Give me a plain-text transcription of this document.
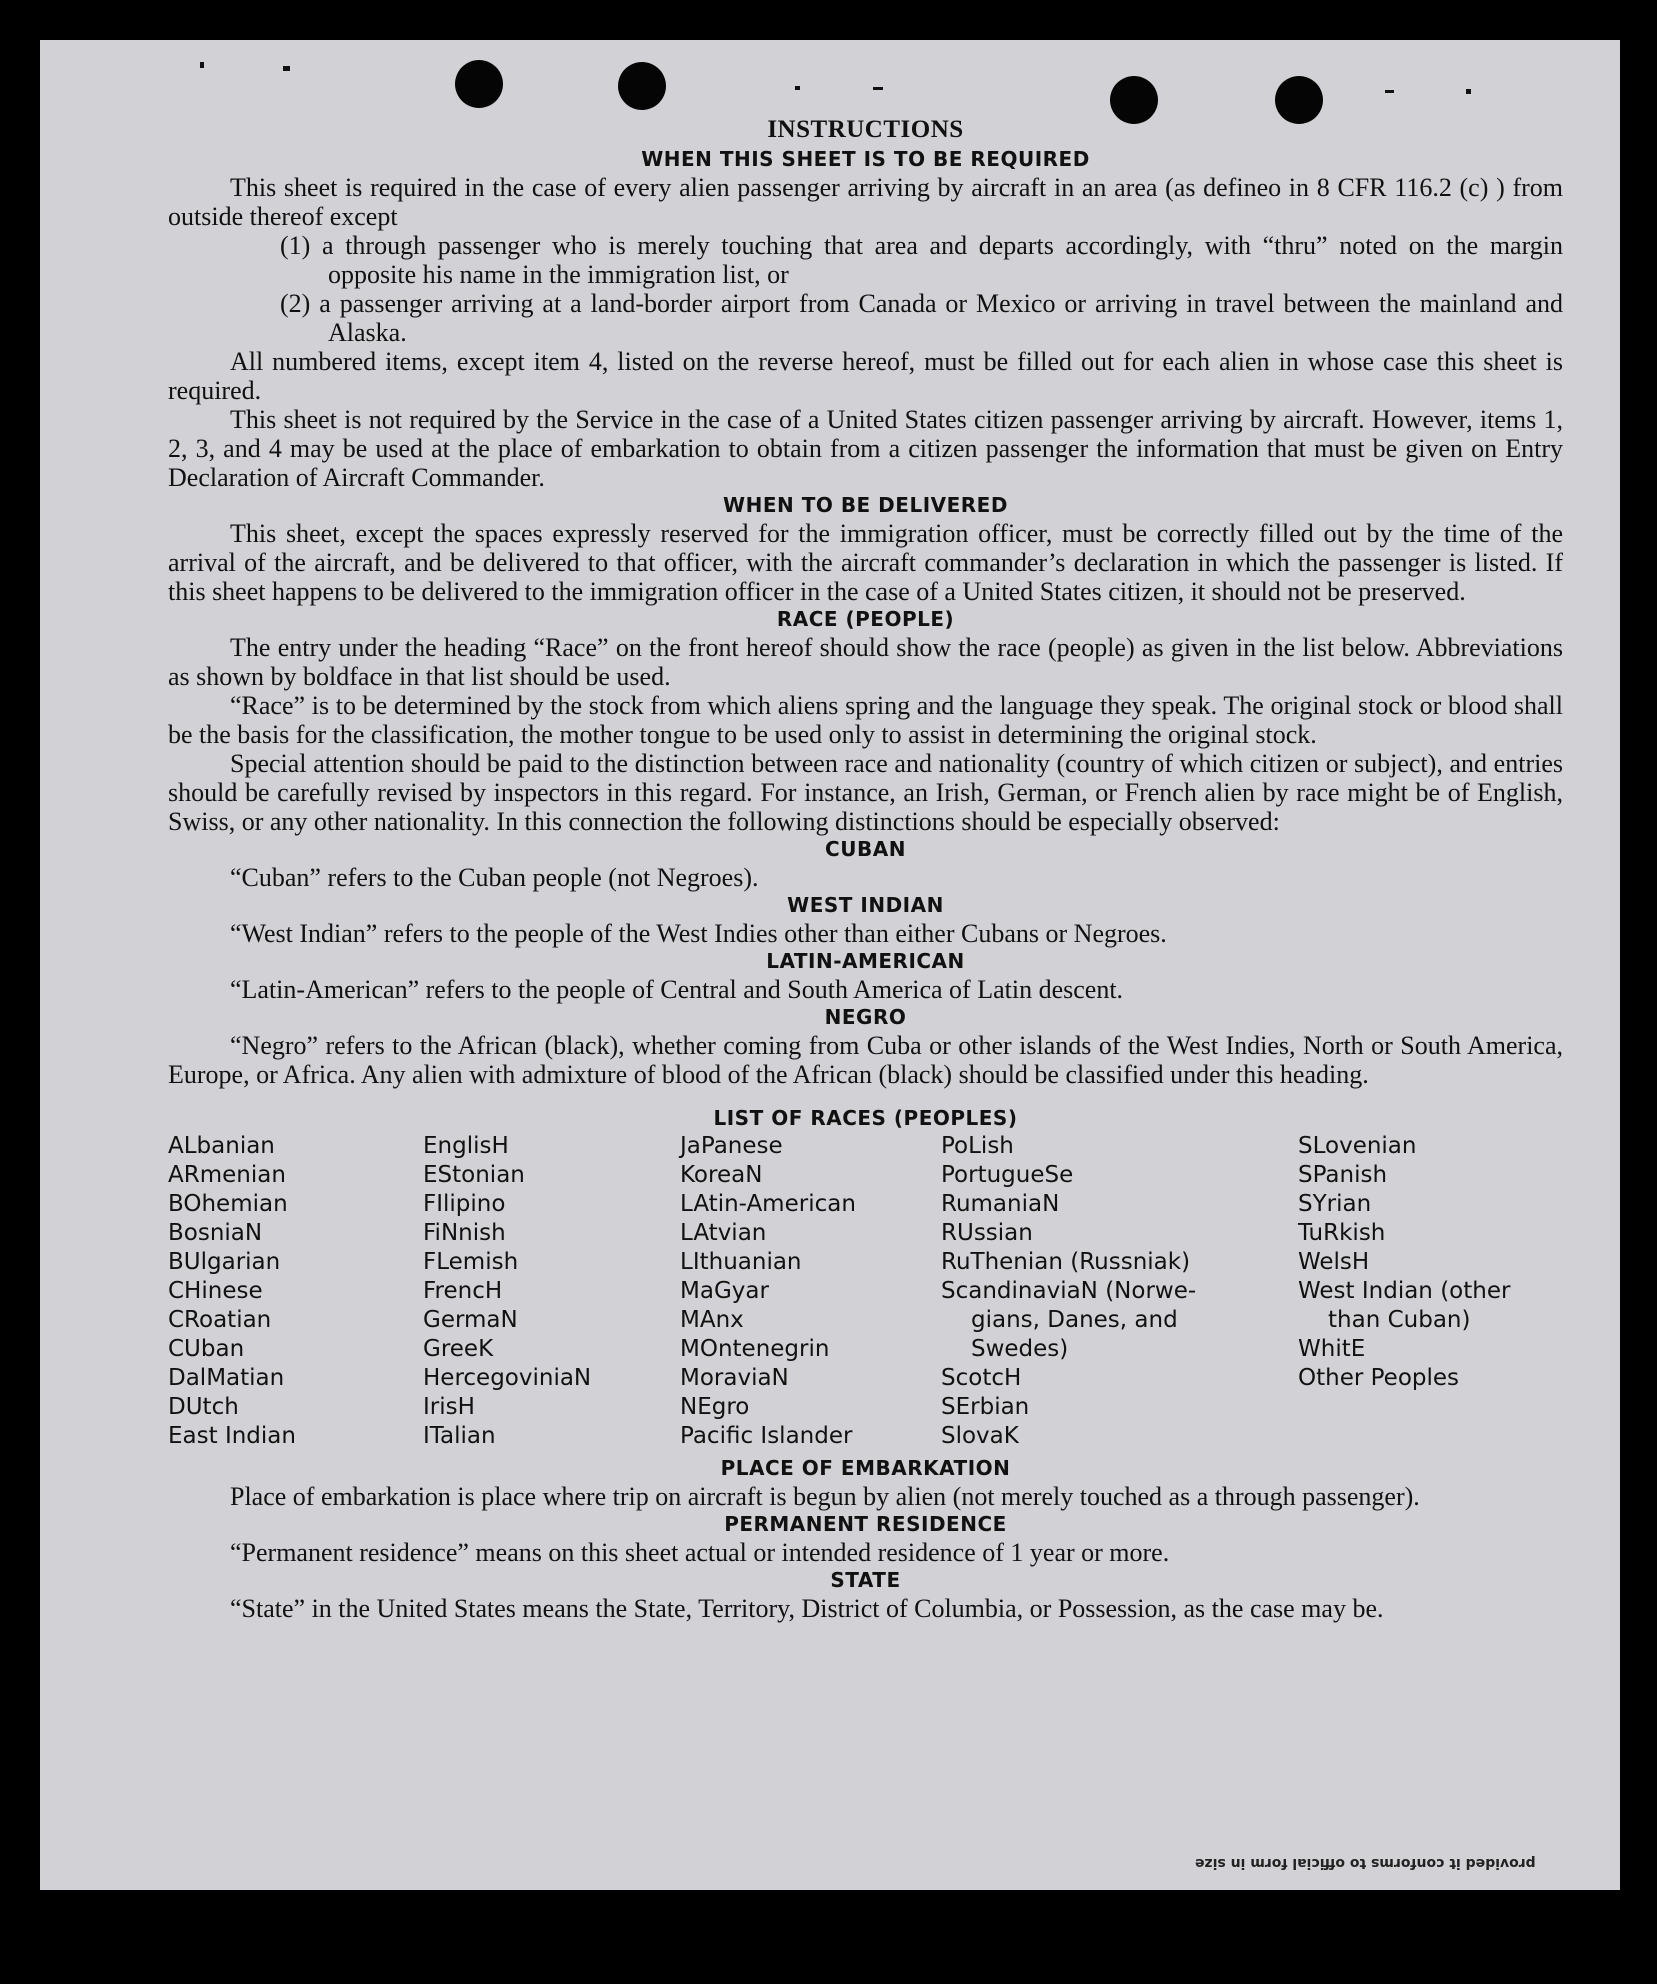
INSTRUCTIONS
WHEN THIS SHEET IS TO BE REQUIRED
This sheet is required in the case of every alien passenger arriving by aircraft in an area (as defineo in 8 CFR 116.2 (c) ) from outside thereof except
(1) a through passenger who is merely touching that area and departs accordingly, with “thru” noted on the margin opposite his name in the immigration list, or
(2) a passenger arriving at a land-border airport from Canada or Mexico or arriving in travel between the mainland and Alaska.
All numbered items, except item 4, listed on the reverse hereof, must be filled out for each alien in whose case this sheet is required.
This sheet is not required by the Service in the case of a United States citizen passenger arriving by aircraft. However, items 1, 2, 3, and 4 may be used at the place of embarkation to obtain from a citizen passenger the information that must be given on Entry Declaration of Aircraft Commander.
WHEN TO BE DELIVERED
This sheet, except the spaces expressly reserved for the immigration officer, must be correctly filled out by the time of the arrival of the aircraft, and be delivered to that officer, with the aircraft commander’s declaration in which the passenger is listed. If this sheet happens to be delivered to the immigration officer in the case of a United States citizen, it should not be preserved.
RACE (PEOPLE)
The entry under the heading “Race” on the front hereof should show the race (people) as given in the list below. Abbreviations as shown by boldface in that list should be used.
“Race” is to be determined by the stock from which aliens spring and the language they speak. The original stock or blood shall be the basis for the classification, the mother tongue to be used only to assist in determining the original stock.
Special attention should be paid to the distinction between race and nationality (country of which citizen or subject), and entries should be carefully revised by inspectors in this regard. For instance, an Irish, German, or French alien by race might be of English, Swiss, or any other nationality. In this connection the following distinctions should be especially observed:
CUBAN
“Cuban” refers to the Cuban people (not Negroes).
WEST INDIAN
“West Indian” refers to the people of the West Indies other than either Cubans or Negroes.
LATIN-AMERICAN
“Latin-American” refers to the people of Central and South America of Latin descent.
NEGRO
“Negro” refers to the African (black), whether coming from Cuba or other islands of the West Indies, North or South America, Europe, or Africa. Any alien with admixture of blood of the African (black) should be classified under this heading.
LIST OF RACES (PEOPLES)
ALbanian
ARmenian
BOhemian
BosniaN
BUlgarian
CHinese
CRoatian
CUban
DalMatian
DUtch
East Indian
EnglisH
EStonian
FIlipino
FiNnish
FLemish
FrencH
GermaN
GreeK
HercegoviniaN
IrisH
ITalian
JaPanese
KoreaN
LAtin-American
LAtvian
LIthuanian
MaGyar
MAnx
MOntenegrin
MoraviaN
NEgro
Pacific Islander
PoLish
PortugueSe
RumaniaN
RUssian
RuThenian (Russniak)
ScandinaviaN (Norwe-
gians, Danes, and
Swedes)
ScotcH
SErbian
SlovaK
SLovenian
SPanish
SYrian
TuRkish
WelsH
West Indian (other
than Cuban)
WhitE
Other Peoples
PLACE OF EMBARKATION
Place of embarkation is place where trip on aircraft is begun by alien (not merely touched as a through passenger).
PERMANENT RESIDENCE
“Permanent residence” means on this sheet actual or intended residence of 1 year or more.
STATE
“State” in the United States means the State, Territory, District of Columbia, or Possession, as the case may be.
provided it conforms to official form in size
